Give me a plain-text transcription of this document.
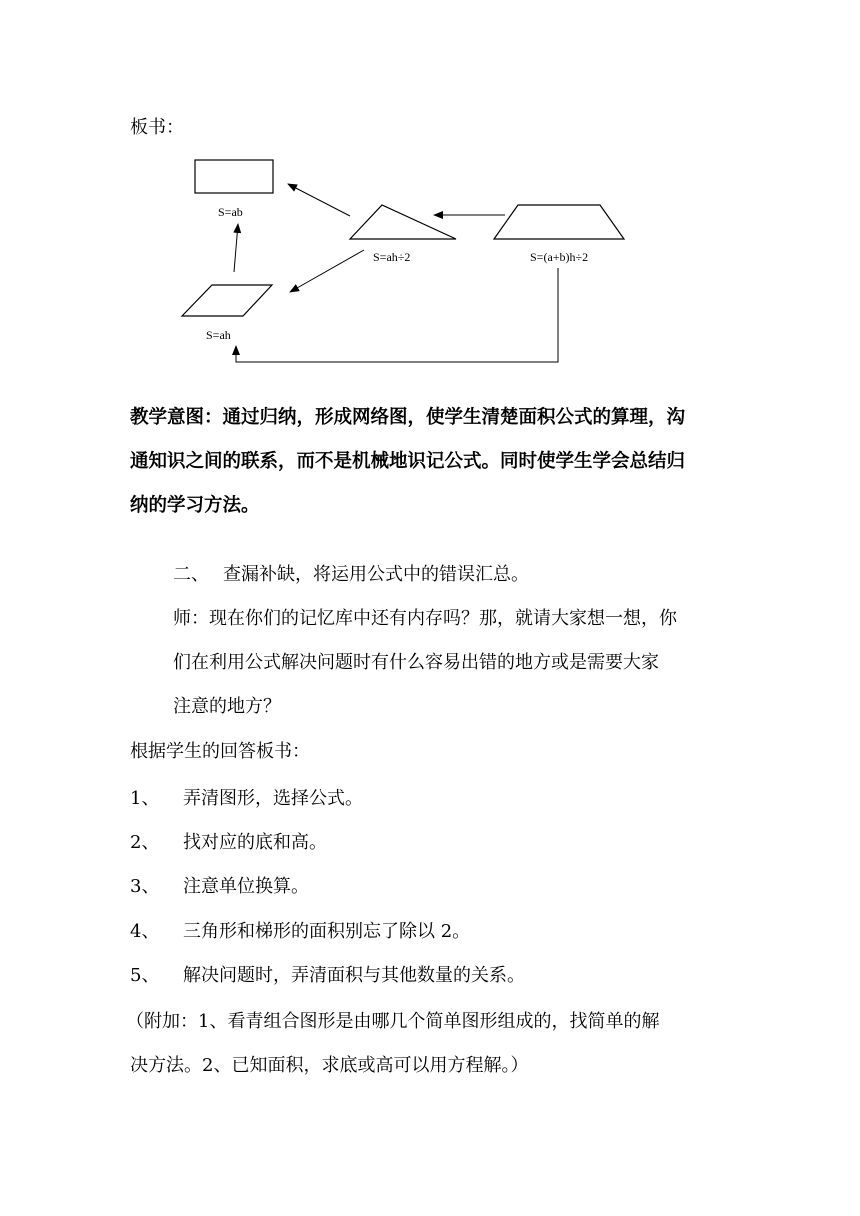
板书：
S=ab
S=ah÷2	S=(a+b)h÷2
S=ah
教学意图：通过归纳，形成网络图，使学生清楚面积公式的算理，沟
通知识之间的联系，而不是机械地识记公式。同时使学生学会总结归
纳的学习方法。
二、 查漏补缺，将运用公式中的错误汇总。
师：现在你们的记忆库中还有内存吗？那，就请大家想一想，你
们在利用公式解决问题时有什么容易出错的地方或是需要大家
注意的地方？
根据学生的回答板书：
1、 弄清图形，选择公式。
2、 找对应的底和高。
3、 注意单位换算。
4、 三角形和梯形的面积别忘了除以 2。
5、 解决问题时，弄清面积与其他数量的关系。
（附加：1、看青组合图形是由哪几个简单图形组成的，找简单的解
决方法。2、已知面积，求底或高可以用方程解。）
